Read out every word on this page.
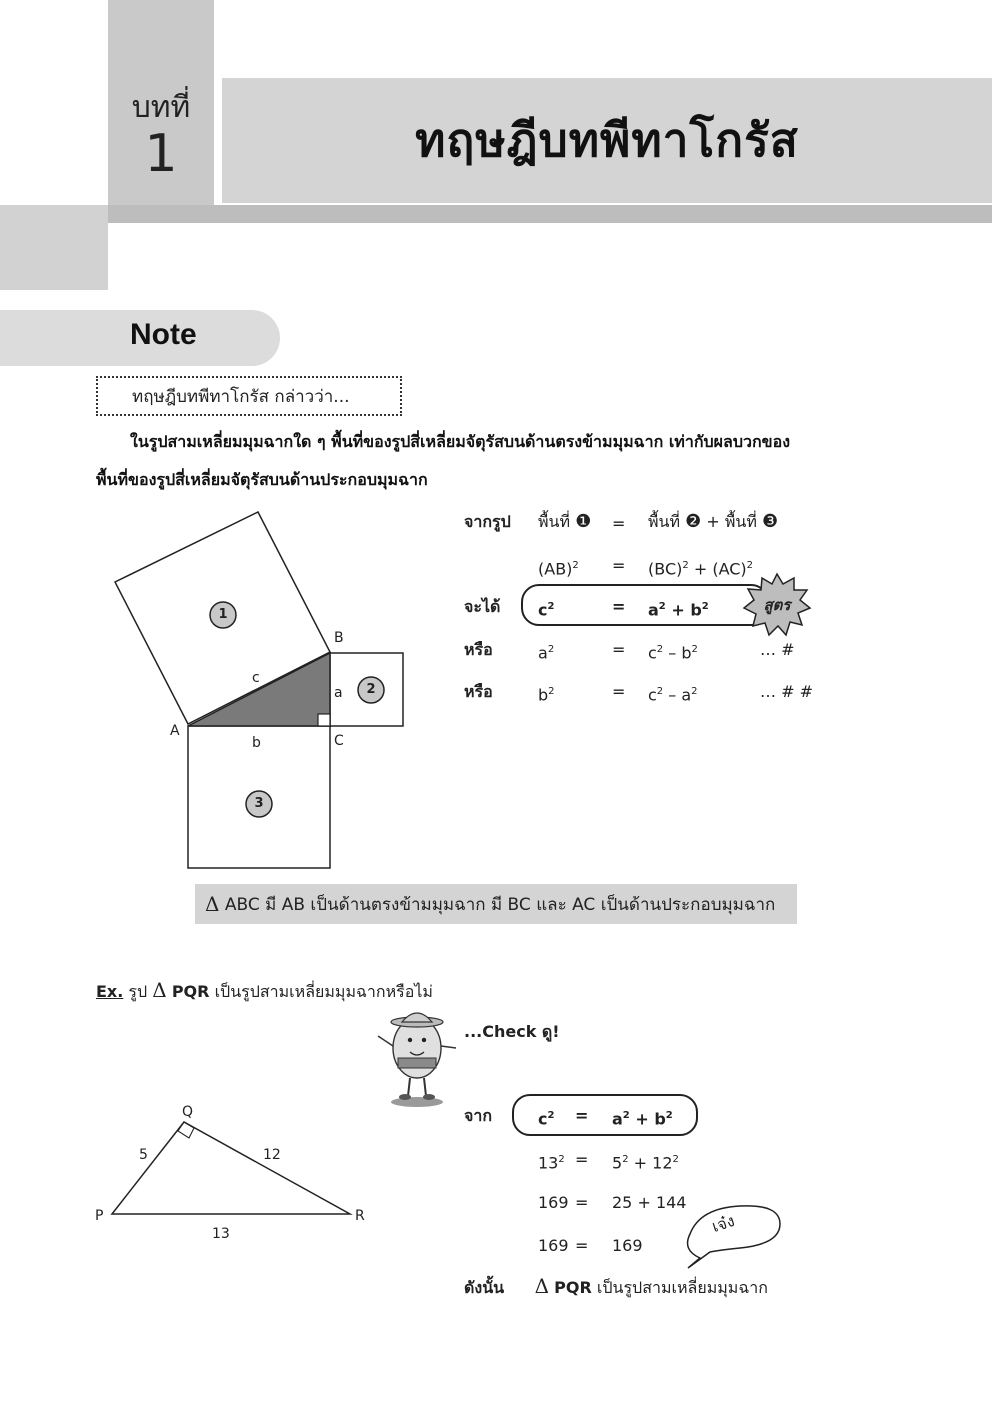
บทที่
1	ทฤษฎีบทพีทาโกรัส
Note
ทฤษฎีบทพีทาโกรัส กล่าวว่า...
ในรูปสามเหลี่ยมมุมฉากใด ๆ พื้นที่ของรูปสี่เหลี่ยมจัตุรัสบนด้านตรงข้ามมุมฉาก เท่ากับผลบวกของ
พื้นที่ของรูปสี่เหลี่ยมจัตุรัสบนด้านประกอบมุมฉาก
1
2
3
B
A
C
c
a
b
จากรูป พื้นที่ ❶ = พื้นที่ ❷ + พื้นที่ ❸
(AB)$^2$ = (BC)$^2$ + (AC)$^2$
จะได้ $c^2$	= $a^2 + b^2$	สูตร
หรือ	$a^2$	= $c^2 - b^2$	… #
หรือ	$b^2$	= $c^2 - a^2$	… # #
Δ
ABC มี AB เป็นด้านตรงข้ามมุมฉาก มี BC และ AC เป็นด้านประกอบมุมฉาก
Ex. รูป Δ PQR เป็นรูปสามเหลี่ยมมุมฉากหรือไม่
...Check ดู!
Q
P	R
5	12
13
จาก	$c^2 = a^2 + b^2$
$13^2 = 5^2 + 12^2$
169 = 25 + 144
169 = 169
เจ๋ง
ดังนั้น Δ PQR เป็นรูปสามเหลี่ยมมุมฉาก
